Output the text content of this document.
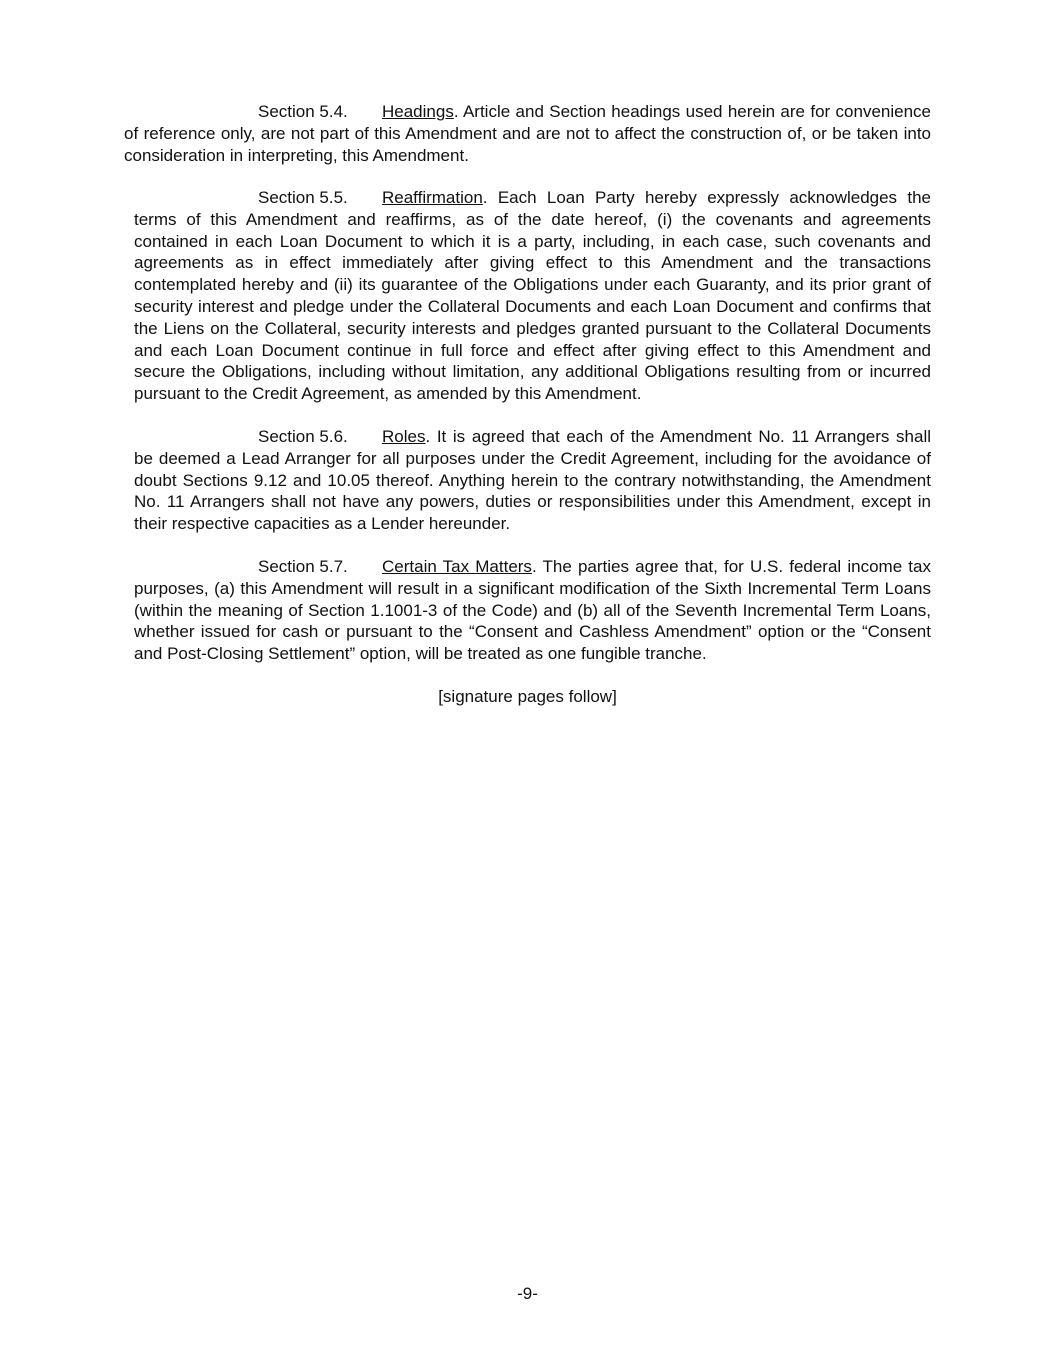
Section 5.4. Headings. Article and Section headings used herein are for convenience of reference only, are not part of this Amendment and are not to affect the construction of, or be taken into consideration in interpreting, this Amendment.

Section 5.5. Reaffirmation. Each Loan Party hereby expressly acknowledges the terms of this Amendment and reaffirms, as of the date hereof, (i) the covenants and agreements contained in each Loan Document to which it is a party, including, in each case, such covenants and agreements as in effect immediately after giving effect to this Amendment and the transactions contemplated hereby and (ii) its guarantee of the Obligations under each Guaranty, and its prior grant of security interest and pledge under the Collateral Documents and each Loan Document and confirms that the Liens on the Collateral, security interests and pledges granted pursuant to the Collateral Documents and each Loan Document continue in full force and effect after giving effect to this Amendment and secure the Obligations, including without limitation, any additional Obligations resulting from or incurred pursuant to the Credit Agreement, as amended by this Amendment.

Section 5.6. Roles. It is agreed that each of the Amendment No. 11 Arrangers shall be deemed a Lead Arranger for all purposes under the Credit Agreement, including for the avoidance of doubt Sections 9.12 and 10.05 thereof. Anything herein to the contrary notwithstanding, the Amendment No. 11 Arrangers shall not have any powers, duties or responsibilities under this Amendment, except in their respective capacities as a Lender hereunder.

Section 5.7. Certain Tax Matters. The parties agree that, for U.S. federal income tax purposes, (a) this Amendment will result in a significant modification of the Sixth Incremental Term Loans (within the meaning of Section 1.1001-3 of the Code) and (b) all of the Seventh Incremental Term Loans, whether issued for cash or pursuant to the “Consent and Cashless Amendment” option or the “Consent and Post-Closing Settlement” option, will be treated as one fungible tranche.

[signature pages follow]
-9-
